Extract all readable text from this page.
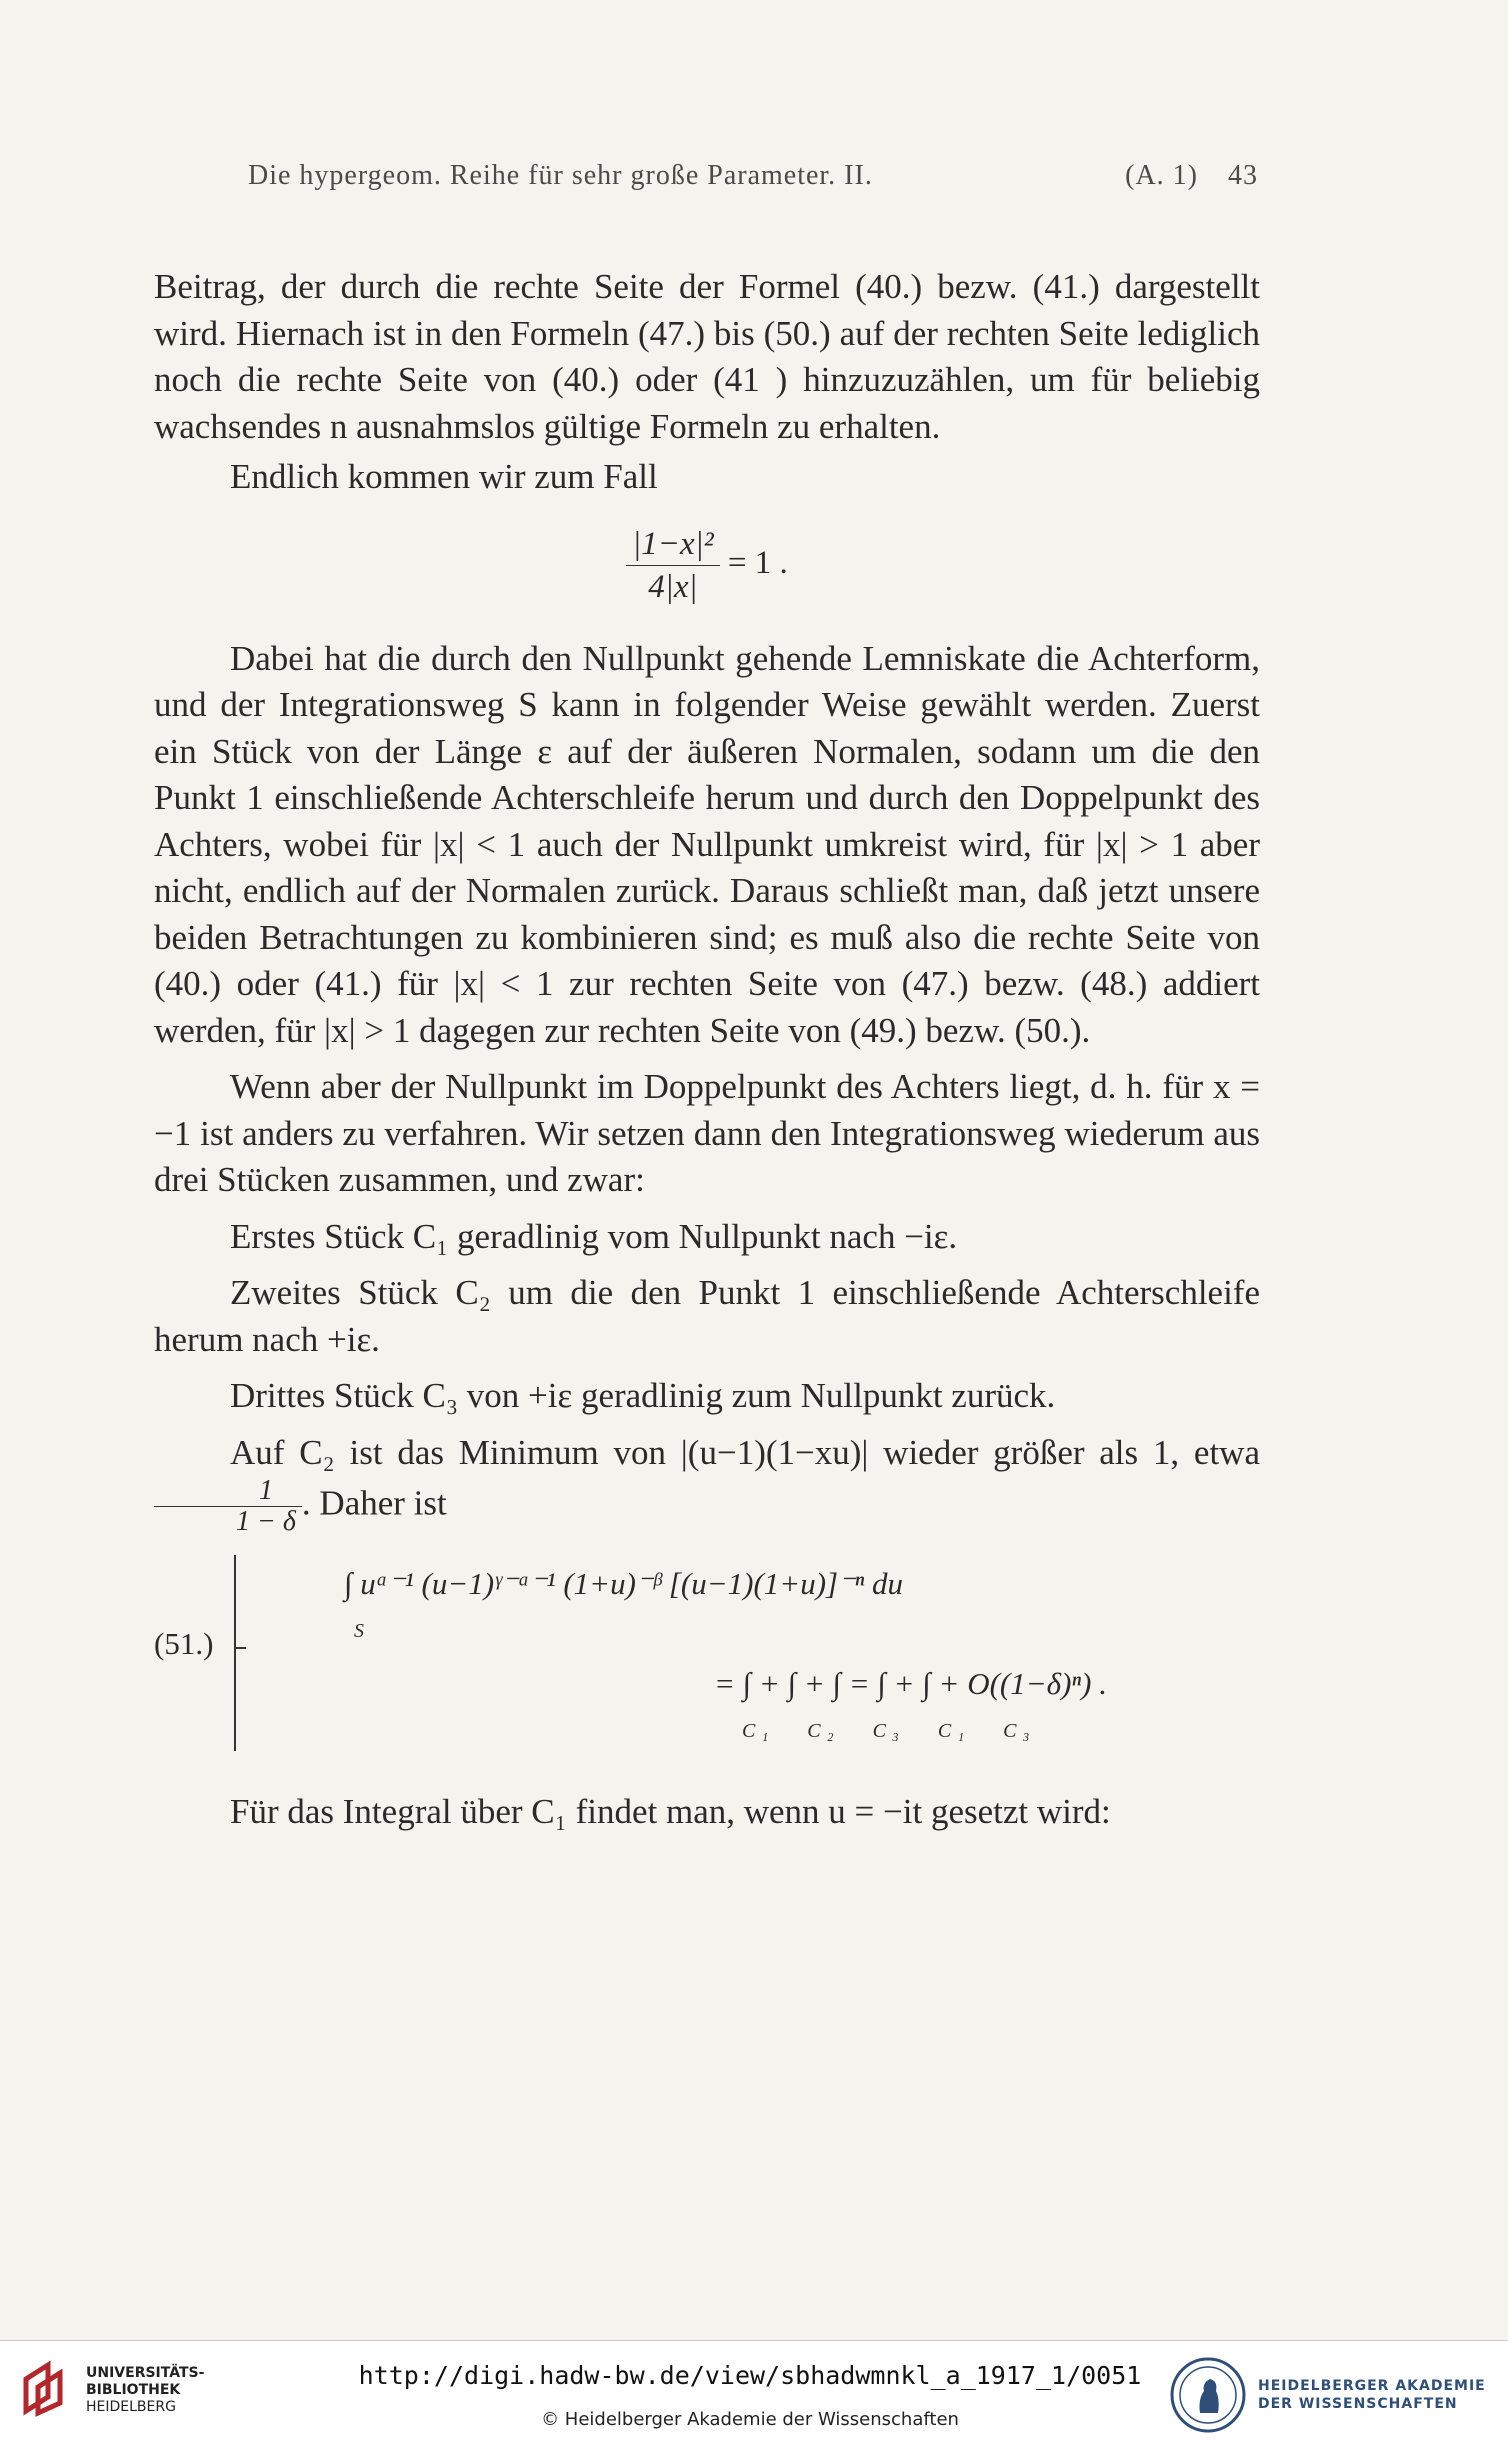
Die hypergeom. Reihe für sehr große Parameter. II.	(A. 1) 43

Beitrag, der durch die rechte Seite der Formel (40.) bezw. (41.) dargestellt wird. Hiernach ist in den Formeln (47.) bis (50.) auf der rechten Seite lediglich noch die rechte Seite von (40.) oder (41 ) hinzuzuzählen, um für beliebig wachsendes n ausnahmslos gültige Formeln zu erhalten.

Endlich kommen wir zum Fall

$\frac{\text{|1−x|²}}{4|x|} = 1$ .

Dabei hat die durch den Nullpunkt gehende Lemniskate die Achterform, und der Integrationsweg S kann in folgender Weise gewählt werden. Zuerst ein Stück von der Länge ε auf der äußeren Normalen, sodann um die den Punkt 1 einschließende Achterschleife herum und durch den Doppelpunkt des Achters, wobei für |x| < 1 auch der Nullpunkt umkreist wird, für |x| > 1 aber nicht, endlich auf der Normalen zurück. Daraus schließt man, daß jetzt unsere beiden Betrachtungen zu kombinieren sind; es muß also die rechte Seite von (40.) oder (41.) für |x| < 1 zur rechten Seite von (47.) bezw. (48.) addiert werden, für |x| > 1 dagegen zur rechten Seite von (49.) bezw. (50.).

Wenn aber der Nullpunkt im Doppelpunkt des Achters liegt, d. h. für x = −1 ist anders zu verfahren. Wir setzen dann den Integrationsweg wiederum aus drei Stücken zusammen, und zwar:

Erstes Stück C₁ geradlinig vom Nullpunkt nach −iε.

Zweites Stück C₂ um die den Punkt 1 einschließende Achterschleife herum nach +iε.

Drittes Stück C₃ von +iε geradlinig zum Nullpunkt zurück.

Auf C₂ ist das Minimum von |(u−1)(1−xu)| wieder größer als 1, etwa
$\frac{1}{1 - \delta}$ . Daher ist

(51.)
∫ uᵃ⁻¹ (u−1)ᵞ⁻ᵃ⁻¹ (1+u)⁻ᵝ [(u−1)(1+u)]⁻ⁿ du
S
= ∫ + ∫ + ∫ = ∫ + ∫ + O((1−δ)ⁿ) .
C₁   C₂   C₃   C₁   C₃

Für das Integral über C₁ findet man, wenn u = −it gesetzt wird:

UNIVERSITÄTS-
BIBLIOTHEK
HEIDELBERG
http://digi.hadw-bw.de/view/sbhadwmnkl_a_1917_1/0051
© Heidelberger Akademie der Wissenschaften
HEIDELBERGER AKADEMIE
DER WISSENSCHAFTEN
